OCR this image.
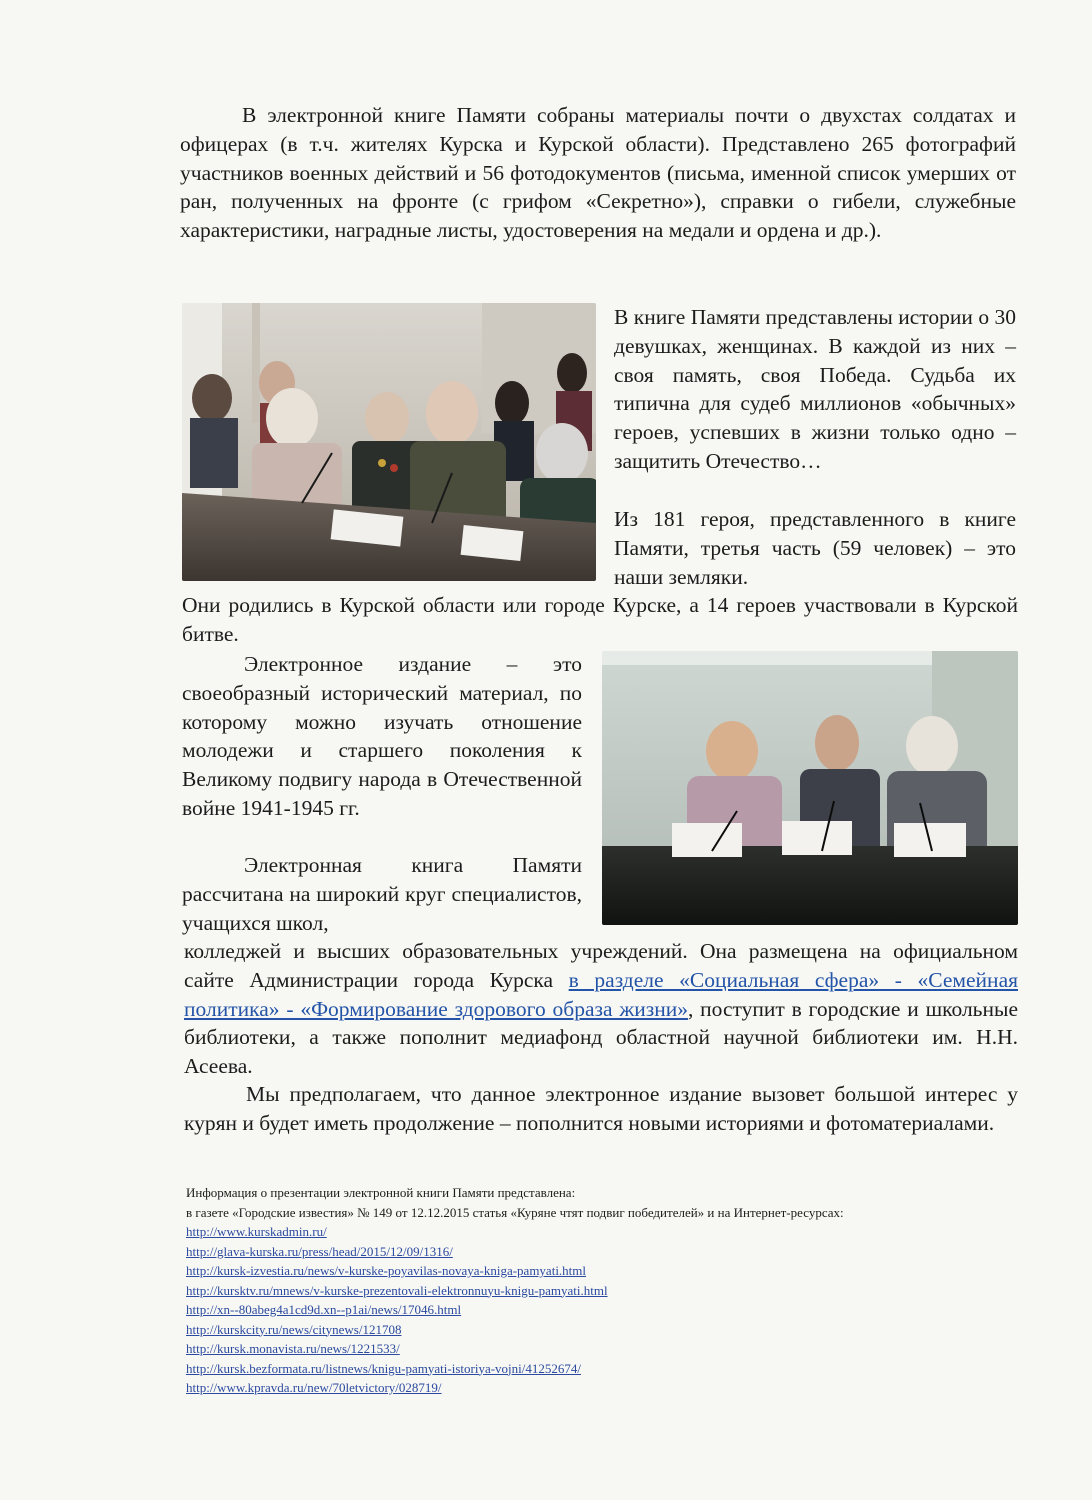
В электронной книге Памяти собраны материалы почти о двухстах солдатах и офицерах (в т.ч. жителях Курска и Курской области). Представлено 265 фотографий участников военных действий и 56 фотодокументов (письма, именной список умерших от ран, полученных на фронте (с грифом «Секретно»), справки о гибели, служебные характеристики, наградные листы, удостоверения на медали и ордена и др.).

В книге Памяти представлены истории о 30 девушках, женщинах. В каждой из них – своя память, своя Победа. Судьба их типична для судеб миллионов «обычных» героев, успевших в жизни только одно – защитить Отечество…

Из 181 героя, представленного в книге Памяти, третья часть (59 человек) – это наши земляки.

Они родились в Курской области или городе Курске, а 14 героев участвовали в Курской битве.

Электронное издание – это своеобразный исторический материал, по которому можно изучать отношение молодежи и старшего поколения к Великому подвигу народа в Отечественной войне 1941-1945 гг.

Электронная книга Памяти рассчитана на широкий круг специалистов, учащихся школ,

колледжей и высших образовательных учреждений. Она размещена на официальном сайте Администрации города Курска в разделе «Социальная сфера» - «Семейная политика» - «Формирование здорового образа жизни», поступит в городские и школьные библиотеки, а также пополнит медиафонд областной научной библиотеки им. Н.Н. Асеева.

Мы предполагаем, что данное электронное издание вызовет большой интерес у курян и будет иметь продолжение – пополнится новыми историями и фотоматериалами.

Информация о презентации электронной книги Памяти представлена:
в газете «Городские известия» № 149 от 12.12.2015 статья «Куряне чтят подвиг победителей» и на Интернет-ресурсах:
http://www.kurskadmin.ru/
http://glava-kurska.ru/press/head/2015/12/09/1316/
http://kursk-izvestia.ru/news/v-kurske-poyavilas-novaya-kniga-pamyati.html
http://kursktv.ru/mnews/v-kurske-prezentovali-elektronnuyu-knigu-pamyati.html
http://xn--80abeg4a1cd9d.xn--p1ai/news/17046.html
http://kurskcity.ru/news/citynews/121708
http://kursk.monavista.ru/news/1221533/
http://kursk.bezformata.ru/listnews/knigu-pamyati-istoriya-vojni/41252674/
http://www.kpravda.ru/new/70letvictory/028719/
